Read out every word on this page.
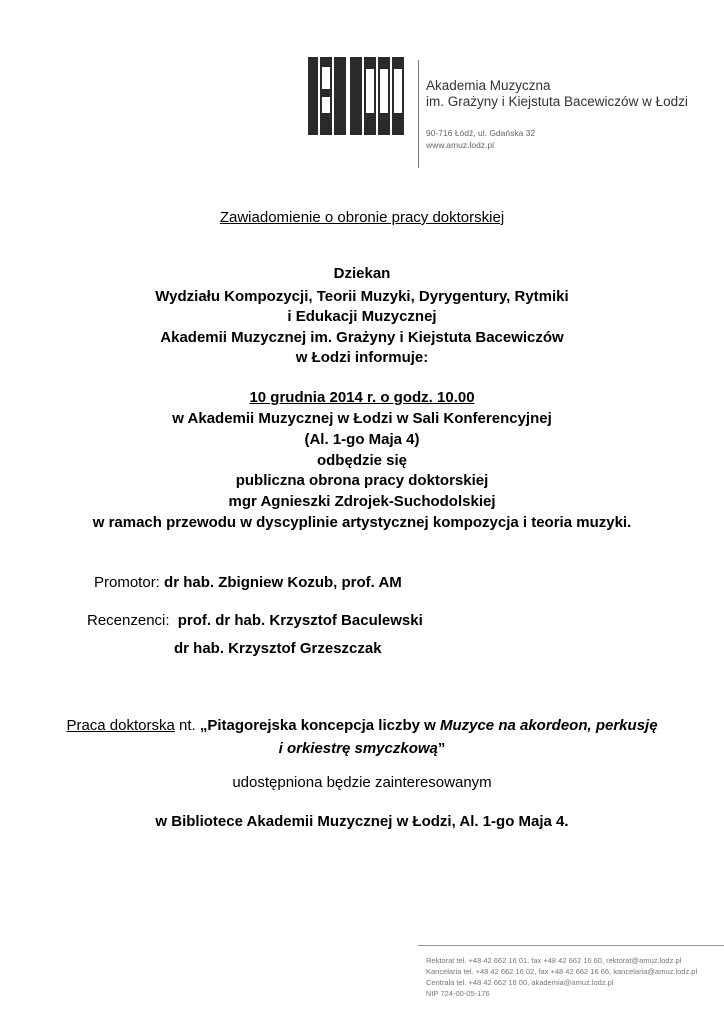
Akademia Muzyczna
im. Grażyny i Kiejstuta Bacewiczów w Łodzi
90-716 Łódź, ul. Gdańska 32
www.amuz.lodz.pl
Zawiadomienie o obronie pracy doktorskiej
Dziekan
Wydziału Kompozycji, Teorii Muzyki, Dyrygentury, Rytmiki
i Edukacji Muzycznej
Akademii Muzycznej im. Grażyny i Kiejstuta Bacewiczów
w Łodzi informuje:
10 grudnia 2014 r. o godz. 10.00
w Akademii Muzycznej w Łodzi w Sali Konferencyjnej
(Al. 1-go Maja 4)
odbędzie się
publiczna obrona pracy doktorskiej
mgr Agnieszki Zdrojek-Suchodolskiej
w ramach przewodu w dyscyplinie artystycznej kompozycja i teoria muzyki.
Promotor: dr hab. Zbigniew Kozub, prof. AM
Recenzenci: prof. dr hab. Krzysztof Baculewski
dr hab. Krzysztof Grzeszczak
Praca doktorska nt. „Pitagorejska koncepcja liczby w Muzyce na akordeon, perkusję
i orkiestrę smyczkową”
udostępniona będzie zainteresowanym
w Bibliotece Akademii Muzycznej w Łodzi, Al. 1-go Maja 4.
Rektorat tel. +48 42 662 16 01, fax +48 42 662 16 60, rektorat@amuz.lodz.pl
Kancelaria tel. +48 42 662 16 02, fax +48 42 662 16 66, kancelaria@amuz.lodz.pl
Centrala tel. +48 42 662 16 00, akademia@amuz.lodz.pl
NIP 724-00-05-176
